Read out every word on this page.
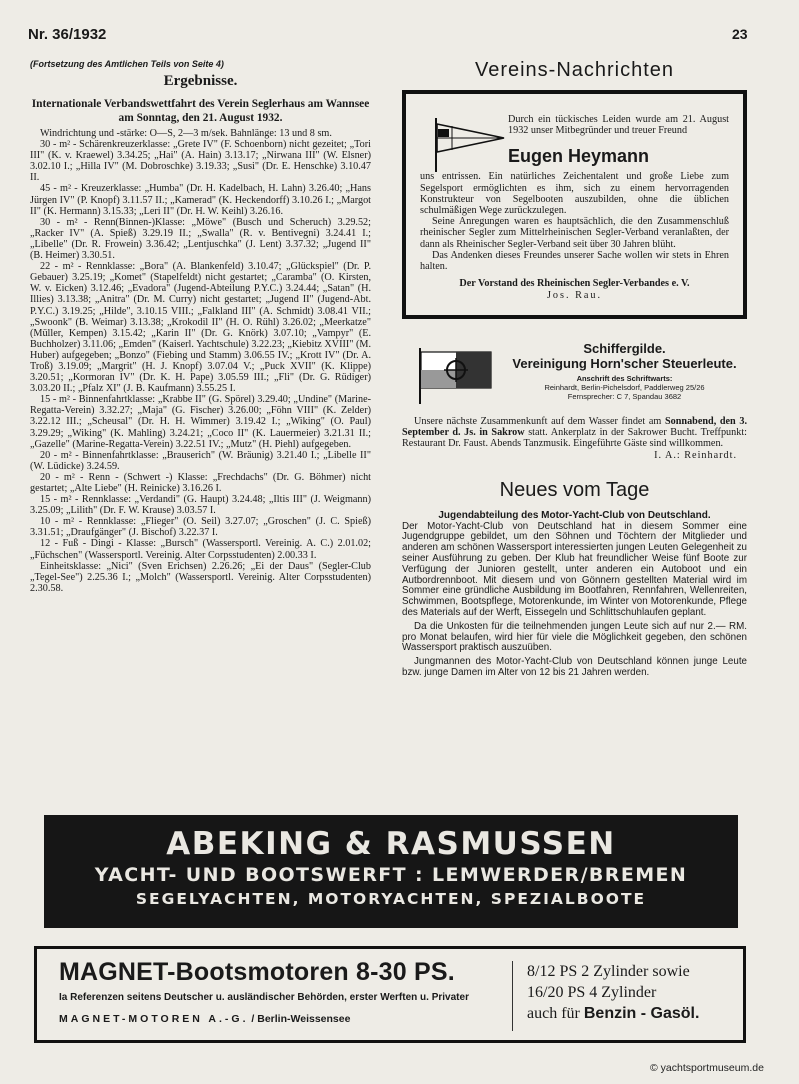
Nr. 36/1932	23

(Fortsetzung des Amtlichen Teils von Seite 4)

Ergebnisse.

Internationale Verbandswettfahrt des Verein Seglerhaus am Wannsee am Sonntag, den 21. August 1932.

Windrichtung und -stärke: O—S, 2—3 m/sek. Bahnlänge: 13 und 8 sm.

30 - m² - Schärenkreuzerklasse: „Grete IV" (F. Schoenborn) nicht gezeitet; „Tori III" (K. v. Kraewel) 3.34.25; „Hai" (A. Hain) 3.13.17; „Nirwana III" (W. Elsner) 3.02.10 I.; „Hilla IV" (M. Dobroschke) 3.19.33; „Susi" (Dr. E. Henschke) 3.10.47 II.

45 - m² - Kreuzerklasse: „Humba" (Dr. H. Kadelbach, H. Lahn) 3.26.40; „Hans Jürgen IV" (P. Knopf) 3.11.57 II.; „Kamerad" (K. Heckendorff) 3.10.26 I.; „Margot II" (K. Hermann) 3.15.33; „Leri II" (Dr. H. W. Keihl) 3.26.16.

30 - m² - Renn(Binnen-)Klasse: „Möwe" (Busch und Scheruch) 3.29.52; „Racker IV" (A. Spieß) 3.29.19 II.; „Swalla" (R. v. Bentivegni) 3.24.41 I.; „Libelle" (Dr. R. Frowein) 3.36.42; „Lentjuschka" (J. Lent) 3.37.32; „Jugend II" (B. Heimer) 3.30.51.

22 - m² - Rennklasse: „Bora" (A. Blankenfeld) 3.10.47; „Glückspiel" (Dr. P. Gebauer) 3.25.19; „Komet" (Stapelfeldt) nicht gestartet; „Caramba" (O. Kirsten, W. v. Eicken) 3.12.46; „Evadora" (Jugend-Abteilung P.Y.C.) 3.24.44; „Satan" (H. Illies) 3.13.38; „Anitra" (Dr. M. Curry) nicht gestartet; „Jugend II" (Jugend-Abt. P.Y.C.) 3.19.25; „Hilde", 3.10.15 VIII.; „Falkland III" (A. Schmidt) 3.08.41 VII.; „Swoonk" (B. Weimar) 3.13.38; „Krokodil II" (H. O. Rühl) 3.26.02; „Meerkatze" (Müller, Kempen) 3.15.42; „Karin II" (Dr. G. Knörk) 3.07.10; „Vampyr" (E. Buchholzer) 3.11.06; „Emden" (Kaiserl. Yachtschule) 3.22.23; „Kiebitz XVIII" (M. Huber) aufgegeben; „Bonzo" (Fiebing und Stamm) 3.06.55 IV.; „Krott IV" (Dr. A. Troß) 3.19.09; „Margrit" (H. J. Knopf) 3.07.04 V.; „Puck XVII" (K. Klippe) 3.20.51; „Kormoran IV" (Dr. K. H. Pape) 3.05.59 III.; „Fli" (Dr. G. Rüdiger) 3.03.20 II.; „Pfalz XI" (J. B. Kaufmann) 3.55.25 I.

15 - m² - Binnenfahrtklasse: „Krabbe II" (G. Spörel) 3.29.40; „Undine" (Marine-Regatta-Verein) 3.32.27; „Maja" (G. Fischer) 3.26.00; „Föhn VIII" (K. Zelder) 3.22.12 III.; „Scheusal" (Dr. H. H. Wimmer) 3.19.42 I.; „Wiking" (O. Paul) 3.29.29; „Wiking" (K. Mahling) 3.24.21; „Coco II" (K. Lauermeier) 3.21.31 II.; „Gazelle" (Marine-Regatta-Verein) 3.22.51 IV.; „Mutz" (H. Piehl) aufgegeben.

20 - m² - Binnenfahrtklasse: „Brauserich" (W. Bräunig) 3.21.40 I.; „Libelle II" (W. Lüdicke) 3.24.59.

20 - m² - Renn - (Schwert -) Klasse: „Frechdachs" (Dr. G. Böhmer) nicht gestartet; „Alte Liebe" (H. Reinicke) 3.16.26 I.

15 - m² - Rennklasse: „Verdandi" (G. Haupt) 3.24.48; „Iltis III" (J. Weigmann) 3.25.09; „Lilith" (Dr. F. W. Krause) 3.03.57 I.

10 - m² - Rennklasse: „Flieger" (O. Seil) 3.27.07; „Groschen" (J. C. Spieß) 3.31.51; „Draufgänger" (J. Bischof) 3.22.37 I.

12 - Fuß - Dingi - Klasse: „Bursch" (Wassersportl. Vereinig. A. C.) 2.01.02; „Füchschen" (Wassersportl. Vereinig. Alter Corpsstudenten) 2.00.33 I.

Einheitsklasse: „Nici" (Sven Erichsen) 2.26.26; „Ei der Daus" (Segler-Club „Tegel-See") 2.25.36 I.; „Molch" (Wassersportl. Vereinig. Alter Corpsstudenten) 2.30.58.

Vereins-Nachrichten

Durch ein tückisches Leiden wurde am 21. August 1932 unser Mitbegründer und treuer Freund

Eugen Heymann

uns entrissen. Ein natürliches Zeichentalent und große Liebe zum Segelsport ermöglichten es ihm, sich zu einem hervorragenden Konstrukteur von Segelbooten auszubilden, ohne die üblichen schulmäßigen Wege zurückzulegen.

Seine Anregungen waren es hauptsächlich, die den Zusammenschluß rheinischer Segler zum Mittelrheinischen Segler-Verband veranlaßten, der dann als Rheinischer Segler-Verband seit über 30 Jahren blüht.

Das Andenken dieses Freundes unserer Sache wollen wir stets in Ehren halten.

Der Vorstand des Rheinischen Segler-Verbandes e. V.

Jos. Rau.

Schiffergilde.

Vereinigung Horn'scher Steuerleute.

Anschrift des Schriftwarts:

Reinhardt, Berlin-Pichelsdorf, Paddlerweg 25/26

Fernsprecher: C 7, Spandau 3682

Unsere nächste Zusammenkunft auf dem Wasser findet am Sonnabend, den 3. September d. Js. in Sakrow statt. Ankerplatz in der Sakrower Bucht. Treffpunkt: Restaurant Dr. Faust. Abends Tanzmusik. Eingeführte Gäste sind willkommen.

I. A.: Reinhardt.

Neues vom Tage

Jugendabteilung des Motor-Yacht-Club von Deutschland.

Der Motor-Yacht-Club von Deutschland hat in diesem Sommer eine Jugendgruppe gebildet, um den Söhnen und Töchtern der Mitglieder und anderen am schönen Wassersport interessierten jungen Leuten Gelegenheit zu seiner Ausführung zu geben. Der Klub hat freundlicher Weise fünf Boote zur Verfügung der Junioren gestellt, unter anderen ein Autoboot und ein Autbordrennboot. Mit diesem und von Gönnern gestellten Material wird im Sommer eine gründliche Ausbildung im Bootfahren, Rennfahren, Wellenreiten, Schwimmen, Bootspflege, Motorenkunde, im Winter von Motorenkunde, Pflege des Materials auf der Werft, Eissegeln und Schlittschuhlaufen geplant.

Da die Unkosten für die teilnehmenden jungen Leute sich auf nur 2.— RM. pro Monat belaufen, wird hier für viele die Möglichkeit gegeben, den schönen Wassersport praktisch auszuüben.

Jungmannen des Motor-Yacht-Club von Deutschland können junge Leute bzw. junge Damen im Alter von 12 bis 21 Jahren werden.

ABEKING & RASMUSSEN

YACHT- UND BOOTSWERFT : LEMWERDER/BREMEN

SEGELYACHTEN, MOTORYACHTEN, SPEZIALBOOTE

MAGNET-Bootsmotoren 8-30 PS.

Ia Referenzen seitens Deutscher u. ausländischer Behörden, erster Werften u. Privater

MAGNET-MOTOREN A.-G. / Berlin-Weissensee

8/12 PS 2 Zylinder sowie

16/20 PS 4 Zylinder

auch für Benzin - Gasöl.

© yachtsportmuseum.de
